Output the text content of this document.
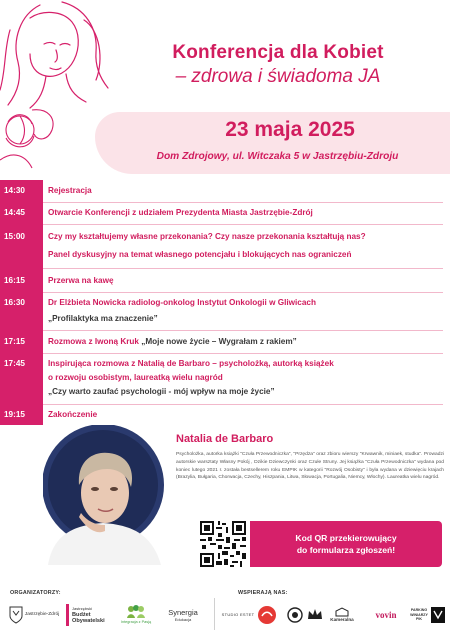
Konferencja dla Kobiet
– zdrowa i świadoma JA
23 maja 2025
Dom Zdrojowy, ul. Witczaka 5 w Jastrzębiu-Zdroju
14:30	Rejestracja
14:45	Otwarcie Konferencji z udziałem Prezydenta Miasta Jastrzębie-Zdrój
15:00	Czy my kształtujemy własne przekonania? Czy nasze przekonania kształtują nas?
Panel dyskusyjny na temat własnego potencjału i blokujących nas ograniczeń
16:15	Przerwa na kawę
16:30	Dr Elżbieta Nowicka radiolog-onkolog Instytut Onkologii w Gliwicach
„Profilaktyka ma znaczenie”
17:15	Rozmowa z Iwoną Kruk „Moje nowe życie – Wygrałam z rakiem”
17:45	Inspirująca rozmowa z Natalią de Barbaro – psycholożką, autorką książek
o rozwoju osobistym, laureatką wielu nagród
„Czy warto zaufać psychologii - mój wpływ na moje życie”
19:15	Zakończenie
Natalia de Barbaro
Psycholożka, autorka książki "Czuła Przewodniczka", "Przędza" oraz zbioru wierszy "Krwawnik, miniaek, studka". Prowadzi autorskie warsztaty Własny Pokój , Dzikie Dziewczynki oraz Czułe Struny. Jej książka "Czuła Przewodniczka" wydana pod koniec lutego 2021 r. została bestsellerem roku EMPIK w kategorii "Rozwój Osobisty" i była wydana w dziewięciu krajach (Brazylia, Bułgaria, Chorwacja, Czechy, Hiszpania, Litwa, Słowacja, Portugalia, Niemcy, Włochy). Laureatka wielu nagród.
Kod QR przekierowujący
do formularza zgłoszeń!
ORGANIZATORZY:	WSPIERAJĄ NAS:
Jastrzębie-Zdrój
Jastrzębski
Budżet Obywatelski	Integracja z Pasją
Synergia
Edukacja
STUDIO ESTET
Kameralna vovin	PARKING WINIARZY PIK
